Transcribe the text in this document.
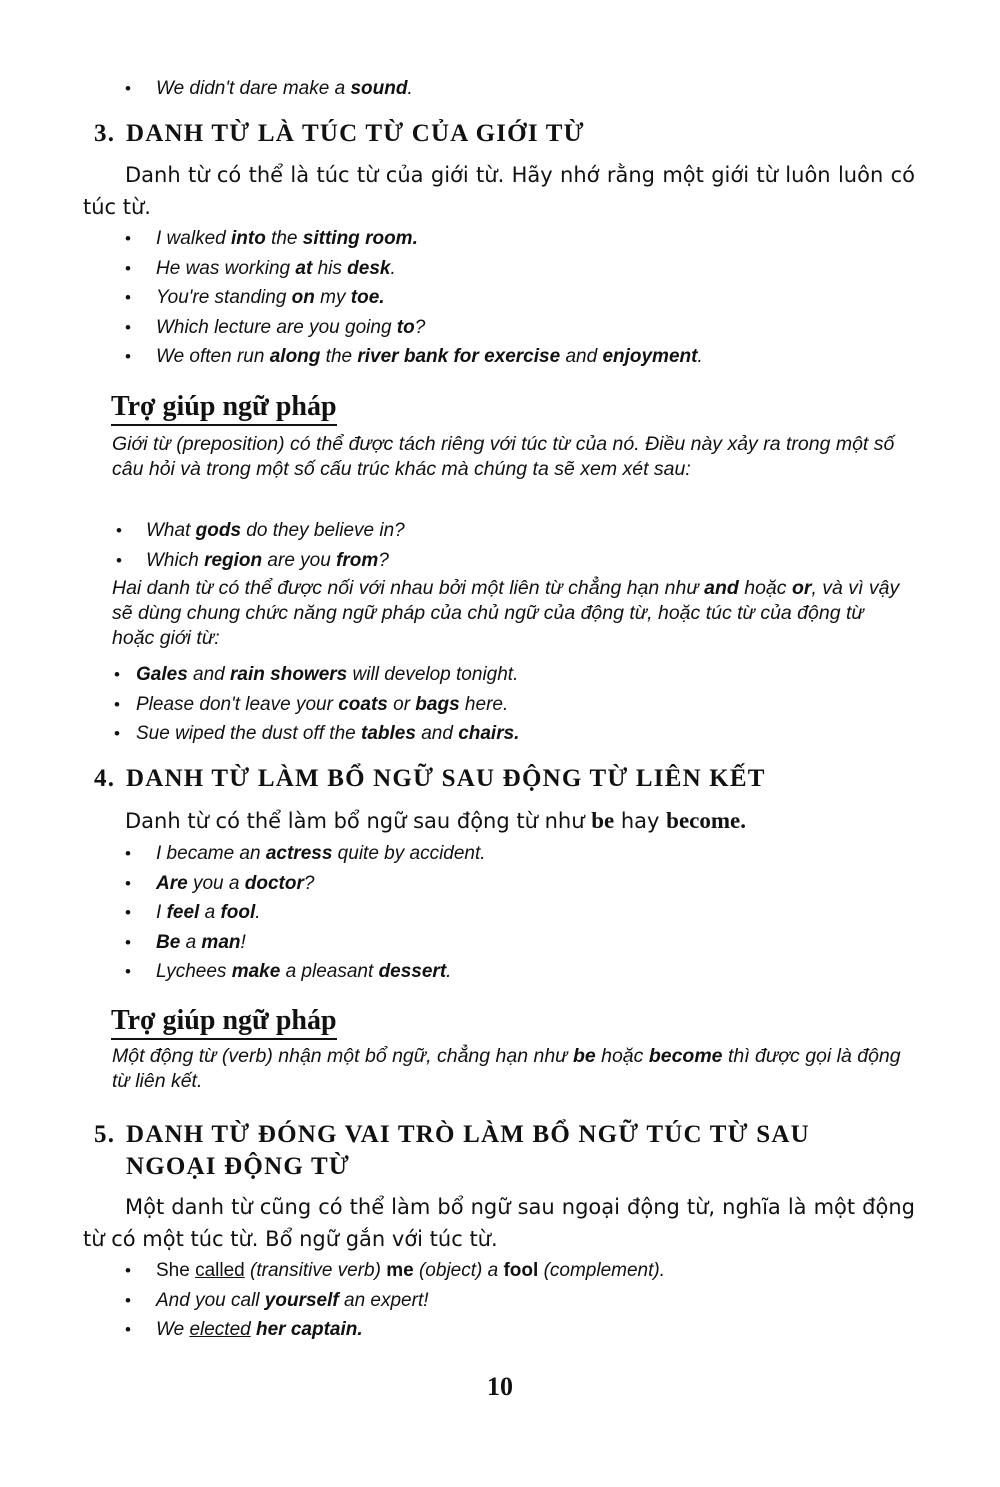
• We didn't dare make a sound.
3. DANH TỪ LÀ TÚC TỪ CỦA GIỚI TỪ

Danh từ có thể là túc từ của giới từ. Hãy nhớ rằng một giới từ luôn luôn có túc từ.

• I walked into the sitting room.
• He was working at his desk.
• You're standing on my toe.
• Which lecture are you going to?
• We often run along the river bank for exercise and enjoyment.
Trợ giúp ngữ pháp

Giới từ (preposition) có thể được tách riêng với túc từ của nó. Điều này xảy ra trong một số câu hỏi và trong một số cấu trúc khác mà chúng ta sẽ xem xét sau:

• What gods do they believe in?
• Which region are you from?

Hai danh từ có thể được nối với nhau bởi một liên từ chẳng hạn như and hoặc or, và vì vậy sẽ dùng chung chức năng ngữ pháp của chủ ngữ của động từ, hoặc túc từ của động từ hoặc giới từ:

• Gales and rain showers will develop tonight.
• Please don't leave your coats or bags here.
• Sue wiped the dust off the tables and chairs.
4. DANH TỪ LÀM BỔ NGỮ SAU ĐỘNG TỪ LIÊN KẾT

Danh từ có thể làm bổ ngữ sau động từ như be hay become.

• I became an actress quite by accident.
• Are you a doctor?
• I feel a fool.
• Be a man!
• Lychees make a pleasant dessert.
Trợ giúp ngữ pháp

Một động từ (verb) nhận một bổ ngữ, chẳng hạn như be hoặc become thì được gọi là động từ liên kết.

5. DANH TỪ ĐÓNG VAI TRÒ LÀM BỔ NGỮ TÚC TỪ SAU
NGOẠI ĐỘNG TỪ

Một danh từ cũng có thể làm bổ ngữ sau ngoại động từ, nghĩa là một động từ có một túc từ. Bổ ngữ gắn với túc từ.

• She called (transitive verb) me (object) a fool (complement).
• And you call yourself an expert!
• We elected her captain.
10
